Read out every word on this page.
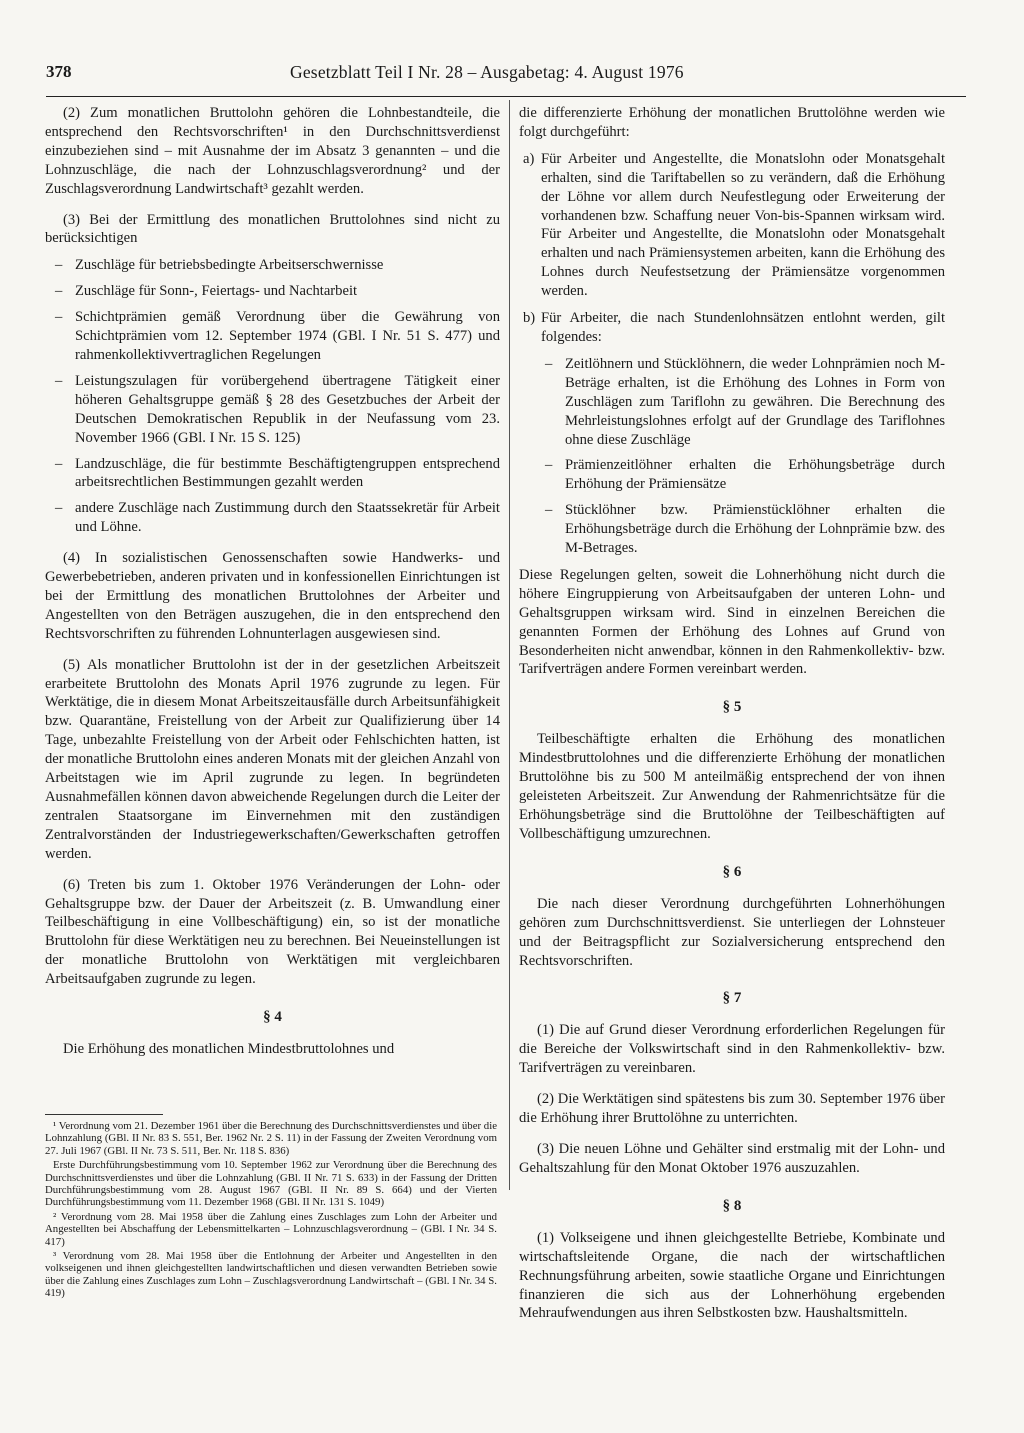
378	Gesetzblatt Teil I Nr. 28 – Ausgabetag: 4. August 1976

(2) Zum monatlichen Bruttolohn gehören die Lohnbestandteile, die entsprechend den Rechtsvorschriften¹ in den Durchschnittsverdienst einzubeziehen sind – mit Ausnahme der im Absatz 3 genannten – und die Lohnzuschläge, die nach der Lohnzuschlagsverordnung² und der Zuschlagsverordnung Landwirtschaft³ gezahlt werden.

(3) Bei der Ermittlung des monatlichen Bruttolohnes sind nicht zu berücksichtigen

– Zuschläge für betriebsbedingte Arbeitserschwernisse
– Zuschläge für Sonn-, Feiertags- und Nachtarbeit
– Schichtprämien gemäß Verordnung über die Gewährung von Schichtprämien vom 12. September 1974 (GBl. I Nr. 51 S. 477) und rahmenkollektivvertraglichen Regelungen
– Leistungszulagen für vorübergehend übertragene Tätigkeit einer höheren Gehaltsgruppe gemäß § 28 des Gesetzbuches der Arbeit der Deutschen Demokratischen Republik in der Neufassung vom 23. November 1966 (GBl. I Nr. 15 S. 125)
– Landzuschläge, die für bestimmte Beschäftigtengruppen entsprechend arbeitsrechtlichen Bestimmungen gezahlt werden
– andere Zuschläge nach Zustimmung durch den Staatssekretär für Arbeit und Löhne.

(4) In sozialistischen Genossenschaften sowie Handwerks- und Gewerbebetrieben, anderen privaten und in konfessionellen Einrichtungen ist bei der Ermittlung des monatlichen Bruttolohnes der Arbeiter und Angestellten von den Beträgen auszugehen, die in den entsprechend den Rechtsvorschriften zu führenden Lohnunterlagen ausgewiesen sind.

(5) Als monatlicher Bruttolohn ist der in der gesetzlichen Arbeitszeit erarbeitete Bruttolohn des Monats April 1976 zugrunde zu legen. Für Werktätige, die in diesem Monat Arbeitszeitausfälle durch Arbeitsunfähigkeit bzw. Quarantäne, Freistellung von der Arbeit zur Qualifizierung über 14 Tage, unbezahlte Freistellung von der Arbeit oder Fehlschichten hatten, ist der monatliche Bruttolohn eines anderen Monats mit der gleichen Anzahl von Arbeitstagen wie im April zugrunde zu legen. In begründeten Ausnahmefällen können davon abweichende Regelungen durch die Leiter der zentralen Staatsorgane im Einvernehmen mit den zuständigen Zentralvorständen der Industriegewerkschaften/Gewerkschaften getroffen werden.

(6) Treten bis zum 1. Oktober 1976 Veränderungen der Lohn- oder Gehaltsgruppe bzw. der Dauer der Arbeitszeit (z. B. Umwandlung einer Teilbeschäftigung in eine Vollbeschäftigung) ein, so ist der monatliche Bruttolohn für diese Werktätigen neu zu berechnen. Bei Neueinstellungen ist der monatliche Bruttolohn von Werktätigen mit vergleichbaren Arbeitsaufgaben zugrunde zu legen.

§ 4

Die Erhöhung des monatlichen Mindestbruttolohnes und

¹ Verordnung vom 21. Dezember 1961 über die Berechnung des Durchschnittsverdienstes und über die Lohnzahlung (GBl. II Nr. 83 S. 551, Ber. 1962 Nr. 2 S. 11) in der Fassung der Zweiten Verordnung vom 27. Juli 1967 (GBl. II Nr. 73 S. 511, Ber. Nr. 118 S. 836)

Erste Durchführungsbestimmung vom 10. September 1962 zur Verordnung über die Berechnung des Durchschnittsverdienstes und über die Lohnzahlung (GBl. II Nr. 71 S. 633) in der Fassung der Dritten Durchführungsbestimmung vom 28. August 1967 (GBl. II Nr. 89 S. 664) und der Vierten Durchführungsbestimmung vom 11. Dezember 1968 (GBl. II Nr. 131 S. 1049)

² Verordnung vom 28. Mai 1958 über die Zahlung eines Zuschlages zum Lohn der Arbeiter und Angestellten bei Abschaffung der Lebensmittelkarten – Lohnzuschlagsverordnung – (GBl. I Nr. 34 S. 417)

³ Verordnung vom 28. Mai 1958 über die Entlohnung der Arbeiter und Angestellten in den volkseigenen und ihnen gleichgestellten landwirtschaftlichen und diesen verwandten Betrieben sowie über die Zahlung eines Zuschlages zum Lohn – Zuschlagsverordnung Landwirtschaft – (GBl. I Nr. 34 S. 419)

die differenzierte Erhöhung der monatlichen Bruttolöhne werden wie folgt durchgeführt:

a) Für Arbeiter und Angestellte, die Monatslohn oder Monatsgehalt erhalten, sind die Tariftabellen so zu verändern, daß die Erhöhung der Löhne vor allem durch Neufestlegung oder Erweiterung der vorhandenen bzw. Schaffung neuer Von-bis-Spannen wirksam wird. Für Arbeiter und Angestellte, die Monatslohn oder Monatsgehalt erhalten und nach Prämiensystemen arbeiten, kann die Erhöhung des Lohnes durch Neufestsetzung der Prämiensätze vorgenommen werden.

b) Für Arbeiter, die nach Stundenlohnsätzen entlohnt werden, gilt folgendes:

– Zeitlöhnern und Stücklöhnern, die weder Lohnprämien noch M-Beträge erhalten, ist die Erhöhung des Lohnes in Form von Zuschlägen zum Tariflohn zu gewähren. Die Berechnung des Mehrleistungslohnes erfolgt auf der Grundlage des Tariflohnes ohne diese Zuschläge
– Prämienzeitlöhner erhalten die Erhöhungsbeträge durch Erhöhung der Prämiensätze
– Stücklöhner bzw. Prämienstücklöhner erhalten die Erhöhungsbeträge durch die Erhöhung der Lohnprämie bzw. des M-Betrages.

Diese Regelungen gelten, soweit die Lohnerhöhung nicht durch die höhere Eingruppierung von Arbeitsaufgaben der unteren Lohn- und Gehaltsgruppen wirksam wird. Sind in einzelnen Bereichen die genannten Formen der Erhöhung des Lohnes auf Grund von Besonderheiten nicht anwendbar, können in den Rahmenkollektiv- bzw. Tarifverträgen andere Formen vereinbart werden.

§ 5

Teilbeschäftigte erhalten die Erhöhung des monatlichen Mindestbruttolohnes und die differenzierte Erhöhung der monatlichen Bruttolöhne bis zu 500 M anteilmäßig entsprechend der von ihnen geleisteten Arbeitszeit. Zur Anwendung der Rahmenrichtsätze für die Erhöhungsbeträge sind die Bruttolöhne der Teilbeschäftigten auf Vollbeschäftigung umzurechnen.

§ 6

Die nach dieser Verordnung durchgeführten Lohnerhöhungen gehören zum Durchschnittsverdienst. Sie unterliegen der Lohnsteuer und der Beitragspflicht zur Sozialversicherung entsprechend den Rechtsvorschriften.

§ 7

(1) Die auf Grund dieser Verordnung erforderlichen Regelungen für die Bereiche der Volkswirtschaft sind in den Rahmenkollektiv- bzw. Tarifverträgen zu vereinbaren.

(2) Die Werktätigen sind spätestens bis zum 30. September 1976 über die Erhöhung ihrer Bruttolöhne zu unterrichten.

(3) Die neuen Löhne und Gehälter sind erstmalig mit der Lohn- und Gehaltszahlung für den Monat Oktober 1976 auszuzahlen.

§ 8

(1) Volkseigene und ihnen gleichgestellte Betriebe, Kombinate und wirtschaftsleitende Organe, die nach der wirtschaftlichen Rechnungsführung arbeiten, sowie staatliche Organe und Einrichtungen finanzieren die sich aus der Lohnerhöhung ergebenden Mehraufwendungen aus ihren Selbstkosten bzw. Haushaltsmitteln.
